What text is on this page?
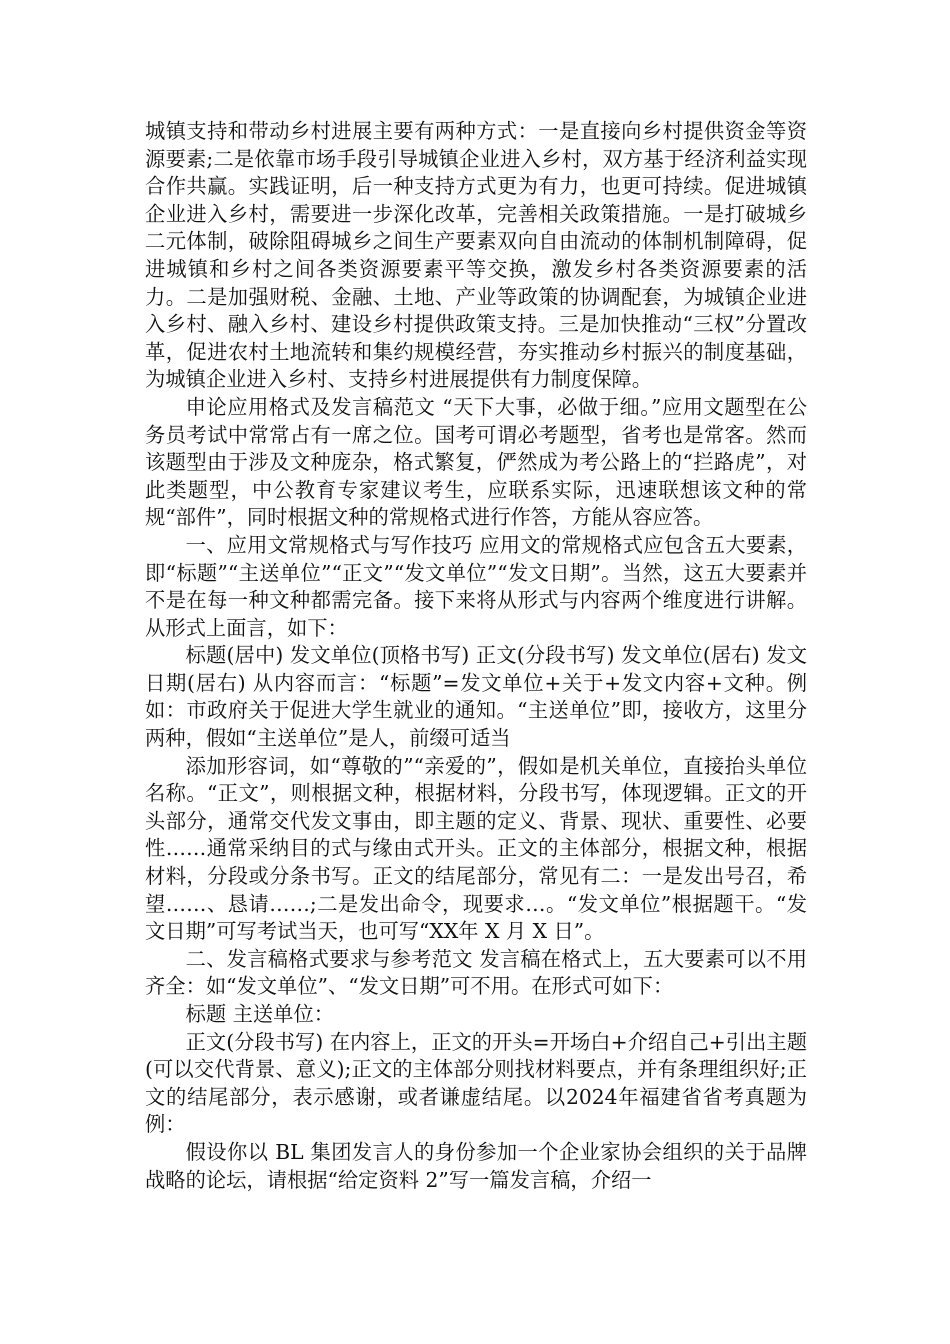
城镇支持和带动乡村进展主要有两种方式：一是直接向乡村提供资金等资源要素;二是依靠市场手段引导城镇企业进入乡村，双方基于经济利益实现合作共赢。实践证明，后一种支持方式更为有力，也更可持续。促进城镇企业进入乡村，需要进一步深化改革，完善相关政策措施。一是打破城乡二元体制，破除阻碍城乡之间生产要素双向自由流动的体制机制障碍，促进城镇和乡村之间各类资源要素平等交换，激发乡村各类资源要素的活力。二是加强财税、金融、土地、产业等政策的协调配套，为城镇企业进入乡村、融入乡村、建设乡村提供政策支持。三是加快推动“三权”分置改革，促进农村土地流转和集约规模经营，夯实推动乡村振兴的制度基础，为城镇企业进入乡村、支持乡村进展提供有力制度保障。

申论应用格式及发言稿范文 “天下大事，必做于细。”应用文题型在公务员考试中常常占有一席之位。国考可谓必考题型，省考也是常客。然而该题型由于涉及文种庞杂，格式繁复，俨然成为考公路上的“拦路虎”，对此类题型，中公教育专家建议考生，应联系实际，迅速联想该文种的常规“部件”，同时根据文种的常规格式进行作答，方能从容应答。

一、应用文常规格式与写作技巧 应用文的常规格式应包含五大要素，即“标题”“主送单位”“正文”“发文单位”“发文日期”。当然，这五大要素并不是在每一种文种都需完备。接下来将从形式与内容两个维度进行讲解。从形式上面言，如下：

标题(居中) 发文单位(顶格书写) 正文(分段书写) 发文单位(居右) 发文日期(居右) 从内容而言：“标题”=发文单位+关于+发文内容+文种。例如：市政府关于促进大学生就业的通知。“主送单位”即，接收方，这里分两种，假如“主送单位”是人，前缀可适当

添加形容词，如“尊敬的”“亲爱的”，假如是机关单位，直接抬头单位名称。“正文”，则根据文种，根据材料，分段书写，体现逻辑。正文的开头部分，通常交代发文事由，即主题的定义、背景、现状、重要性、必要性……通常采纳目的式与缘由式开头。正文的主体部分，根据文种，根据材料，分段或分条书写。正文的结尾部分，常见有二：一是发出号召，希望……、恳请……;二是发出命令，现要求…。“发文单位”根据题干。“发文日期”可写考试当天，也可写“XX年 X 月 X 日”。

二、发言稿格式要求与参考范文 发言稿在格式上，五大要素可以不用齐全：如“发文单位”、“发文日期”可不用。在形式可如下：

标题 主送单位：

正文(分段书写) 在内容上，正文的开头=开场白+介绍自己+引出主题(可以交代背景、意义);正文的主体部分则找材料要点，并有条理组织好;正文的结尾部分，表示感谢，或者谦虚结尾。以2024年福建省省考真题为例：

假设你以 BL 集团发言人的身份参加一个企业家协会组织的关于品牌战略的论坛，请根据“给定资料 2”写一篇发言稿，介绍一
